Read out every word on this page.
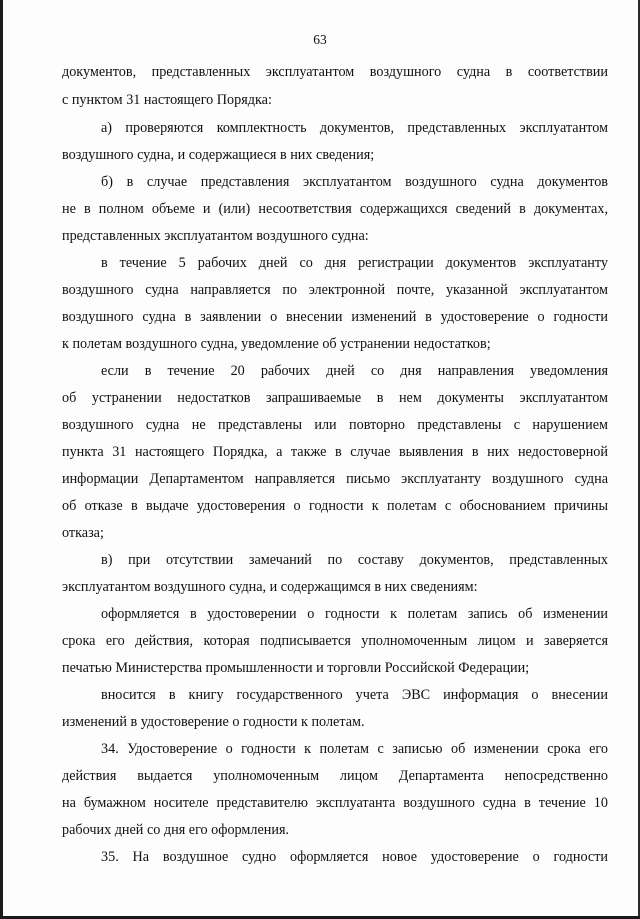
63
документов, представленных эксплуатантом воздушного судна в соответствии
с пунктом 31 настоящего Порядка:
а) проверяются комплектность документов, представленных эксплуатантом
воздушного судна, и содержащиеся в них сведения;
б) в случае представления эксплуатантом воздушного судна документов
не в полном объеме и (или) несоответствия содержащихся сведений в документах,
представленных эксплуатантом воздушного судна:
в течение 5 рабочих дней со дня регистрации документов эксплуатанту
воздушного судна направляется по электронной почте, указанной эксплуатантом
воздушного судна в заявлении о внесении изменений в удостоверение о годности
к полетам воздушного судна, уведомление об устранении недостатков;
если в течение 20 рабочих дней со дня направления уведомления
об устранении недостатков запрашиваемые в нем документы эксплуатантом
воздушного судна не представлены или повторно представлены с нарушением
пункта 31 настоящего Порядка, а также в случае выявления в них недостоверной
информации Департаментом направляется письмо эксплуатанту воздушного судна
об отказе в выдаче удостоверения о годности к полетам с обоснованием причины
отказа;
в) при отсутствии замечаний по составу документов, представленных
эксплуатантом воздушного судна, и содержащимся в них сведениям:
оформляется в удостоверении о годности к полетам запись об изменении
срока его действия, которая подписывается уполномоченным лицом и заверяется
печатью Министерства промышленности и торговли Российской Федерации;
вносится в книгу государственного учета ЭВС информация о внесении
изменений в удостоверение о годности к полетам.
34. Удостоверение о годности к полетам с записью об изменении срока его
действия выдается уполномоченным лицом Департамента непосредственно
на бумажном носителе представителю эксплуатанта воздушного судна в течение 10
рабочих дней со дня его оформления.
35. На воздушное судно оформляется новое удостоверение о годности
